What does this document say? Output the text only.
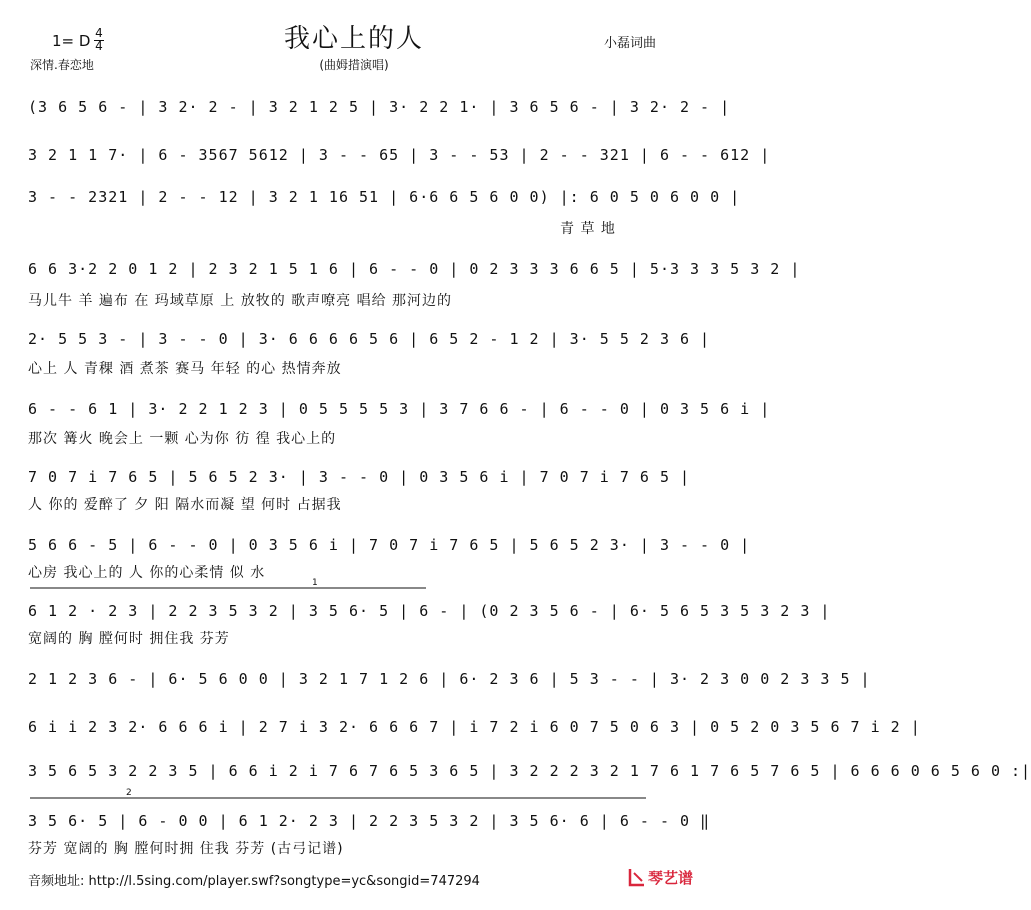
我心上的人
(曲姆措演唱)
1= D 4
4
深情.春恋地
小磊词曲
(3 6 5 6 - | 3 2· 2 - | 3 2 1 2 5 | 3· 2 2 1· | 3 6 5 6 - | 3 2· 2 - |
3 2 1 1 7· | 6 - 3567 5612 | 3 - - 65 | 3 - - 53 | 2 - - 321 | 6 - - 612 |
3 - - 2321 | 2 - - 12 | 3 2 1 16 51 | 6·6 6 5 6 0 0) |: 6 0 5 0 6 0 0 |
青 草 地
6 6 3·2 2 0 1 2 | 2 3 2 1 5 1 6 | 6 - - 0 | 0 2 3 3 3 6 6 5 | 5·3 3 3 5 3 2 |
马儿牛 羊 遍布 在 玛域草原 上 放牧的 歌声嘹亮 唱给 那河边的
2· 5 5 3 - | 3 - - 0 | 3· 6 6 6 6 5 6 | 6 5 2 - 1 2 | 3· 5 5 2 3 6 |
心上 人 青稞 酒 煮茶 赛马 年轻 的心 热情奔放
6 - - 6 1 | 3· 2 2 1 2 3 | 0 5 5 5 5 3 | 3 7 6 6 - | 6 - - 0 | 0 3 5 6 i |
那次 篝火 晚会上 一颗 心为你 彷 徨 我心上的
7 0 7 i 7 6 5 | 5 6 5 2 3· | 3 - - 0 | 0 3 5 6 i | 7 0 7 i 7 6 5 |
人 你的 爱醉了 夕 阳 隔水而凝 望 何时 占据我
5 6 6 - 5 | 6 - - 0 | 0 3 5 6 i | 7 0 7 i 7 6 5 | 5 6 5 2 3· | 3 - - 0 |
心房 我心上的 人 你的心柔情 似 水
1
6 1 2 · 2 3 | 2 2 3 5 3 2 | 3 5 6· 5 | 6 - | (0 2 3 5 6 - | 6· 5 6 5 3 5 3 2 3 |
宽阔的 胸 膛何时 拥住我 芬芳
2 1 2 3 6 - | 6· 5 6 0 0 | 3 2 1 7 1 2 6 | 6· 2 3 6 | 5 3 - - | 3· 2 3 0 0 2 3 3 5 |
6 i i 2 3 2· 6 6 6 i | 2 7 i 3 2· 6 6 6 7 | i 7 2 i 6 0 7 5 0 6 3 | 0 5 2 0 3 5 6 7 i 2 |
3 5 6 5 3 2 2 3 5 | 6 6 i 2 i 7 6 7 6 5 3 6 5 | 3 2 2 2 3 2 1 7 6 1 7 6 5 7 6 5 | 6 6 6 0 6 5 6 0 :|
2
3 5 6· 5 | 6 - 0 0 | 6 1 2· 2 3 | 2 2 3 5 3 2 | 3 5 6· 6 | 6 - - 0 ‖
芬芳 宽阔的 胸 膛何时拥 住我 芬芳 (古弓记谱)
音频地址: http://l.5sing.com/player.swf?songtype=yc&songid=747294	琴艺谱
